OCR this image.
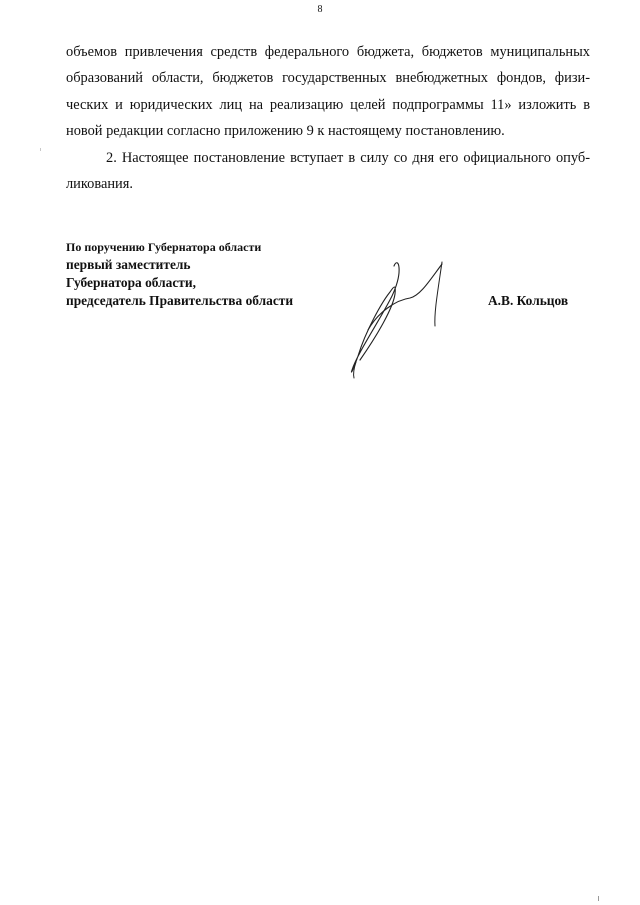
8
объемов привлечения средств федерального бюджета, бюджетов муниципальных
образований области, бюджетов государственных внебюджетных фондов, физи-
ческих и юридических лиц на реализацию целей подпрограммы 11» изложить в
новой редакции согласно приложению 9 к настоящему постановлению.
2. Настоящее постановление вступает в силу со дня его официального опуб-
ликования.
По поручению Губернатора области
первый заместитель
Губернатора области,
председатель Правительства области	А.В. Кольцов
